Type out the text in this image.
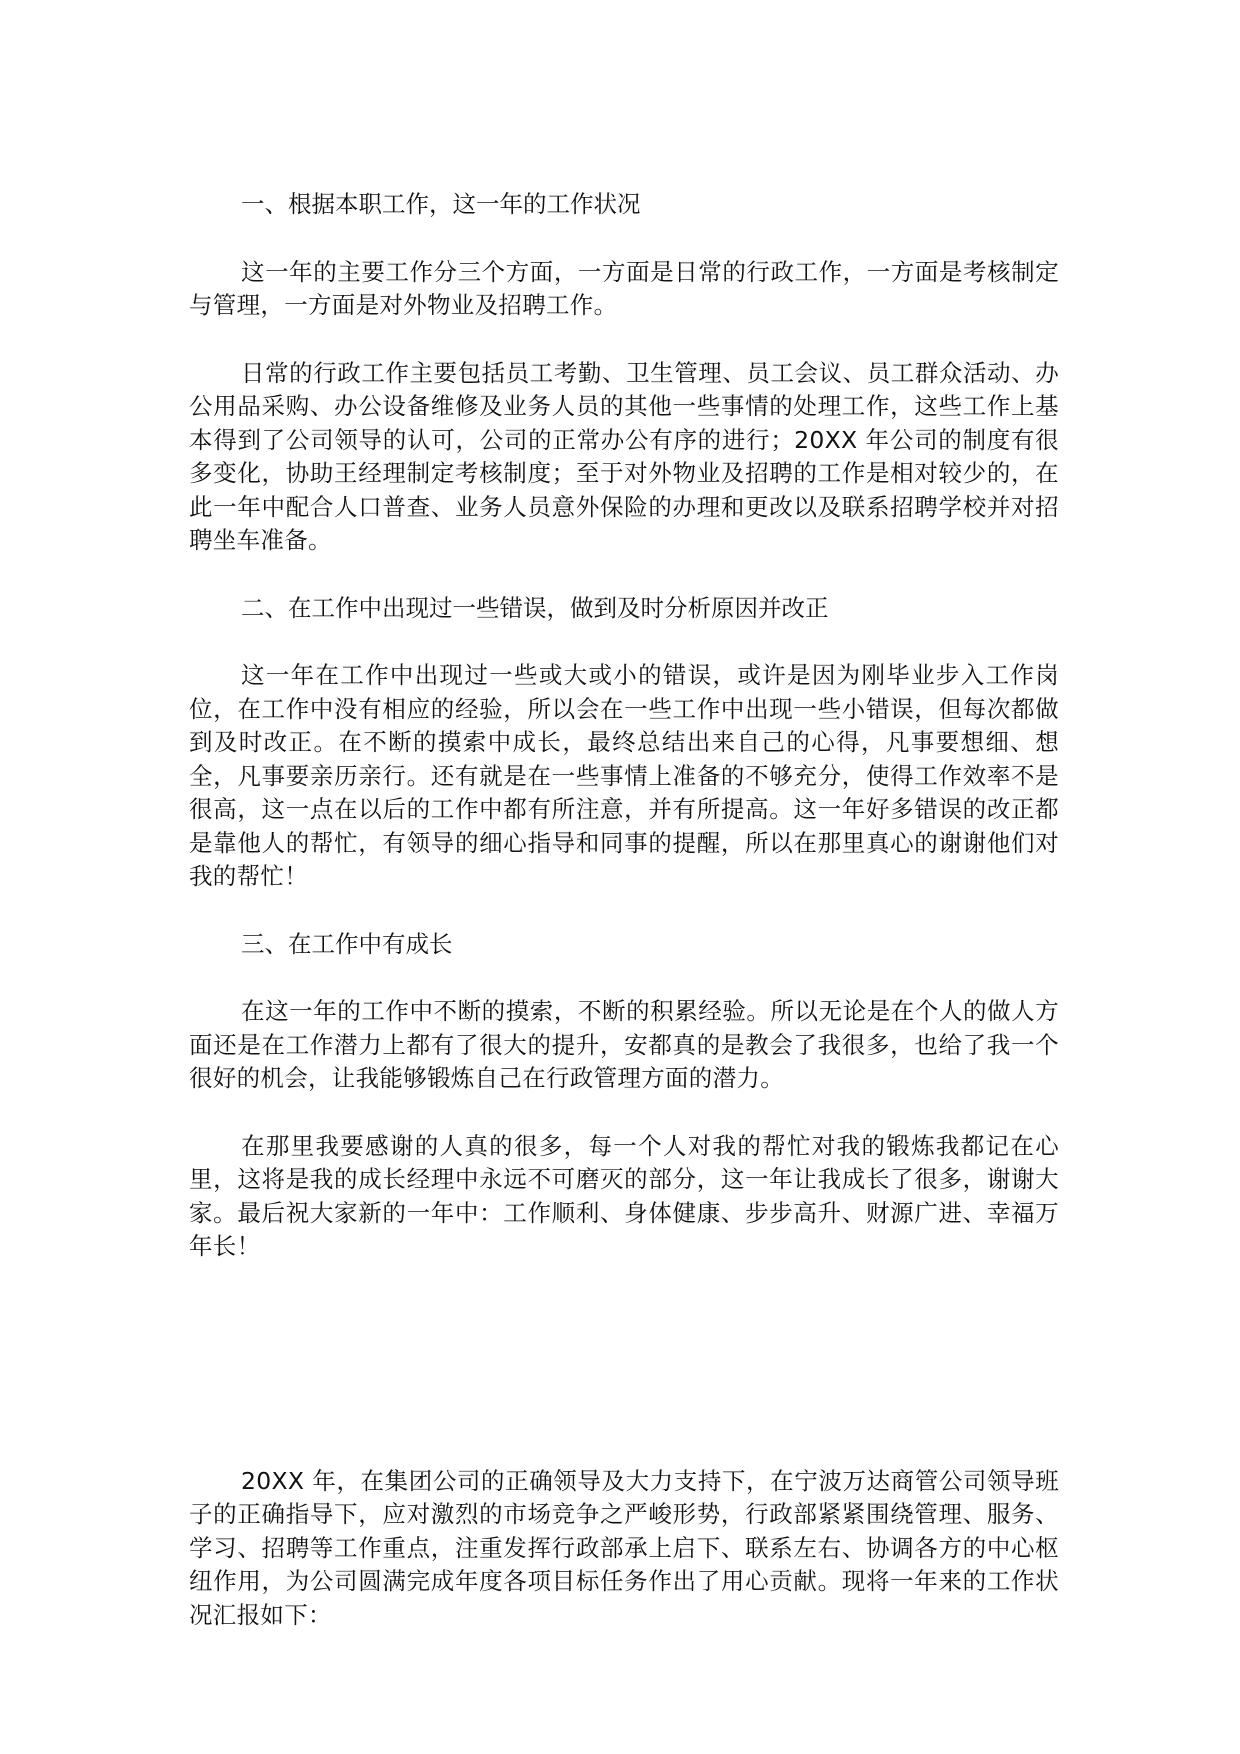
一、根据本职工作，这一年的工作状况

这一年的主要工作分三个方面，一方面是日常的行政工作，一方面是考核制定与管理，一方面是对外物业及招聘工作。

日常的行政工作主要包括员工考勤、卫生管理、员工会议、员工群众活动、办公用品采购、办公设备维修及业务人员的其他一些事情的处理工作，这些工作上基本得到了公司领导的认可，公司的正常办公有序的进行；20XX 年公司的制度有很多变化，协助王经理制定考核制度；至于对外物业及招聘的工作是相对较少的，在此一年中配合人口普查、业务人员意外保险的办理和更改以及联系招聘学校并对招聘坐车准备。

二、在工作中出现过一些错误，做到及时分析原因并改正

这一年在工作中出现过一些或大或小的错误，或许是因为刚毕业步入工作岗位，在工作中没有相应的经验，所以会在一些工作中出现一些小错误，但每次都做到及时改正。在不断的摸索中成长，最终总结出来自己的心得，凡事要想细、想全，凡事要亲历亲行。还有就是在一些事情上准备的不够充分，使得工作效率不是很高，这一点在以后的工作中都有所注意，并有所提高。这一年好多错误的改正都是靠他人的帮忙，有领导的细心指导和同事的提醒，所以在那里真心的谢谢他们对我的帮忙！

三、在工作中有成长

在这一年的工作中不断的摸索，不断的积累经验。所以无论是在个人的做人方面还是在工作潜力上都有了很大的提升，安都真的是教会了我很多，也给了我一个很好的机会，让我能够锻炼自己在行政管理方面的潜力。

在那里我要感谢的人真的很多，每一个人对我的帮忙对我的锻炼我都记在心里，这将是我的成长经理中永远不可磨灭的部分，这一年让我成长了很多，谢谢大家。最后祝大家新的一年中：工作顺利、身体健康、步步高升、财源广进、幸福万年长！

20XX 年，在集团公司的正确领导及大力支持下，在宁波万达商管公司领导班子的正确指导下，应对激烈的市场竞争之严峻形势，行政部紧紧围绕管理、服务、学习、招聘等工作重点，注重发挥行政部承上启下、联系左右、协调各方的中心枢纽作用，为公司圆满完成年度各项目标任务作出了用心贡献。现将一年来的工作状况汇报如下：
